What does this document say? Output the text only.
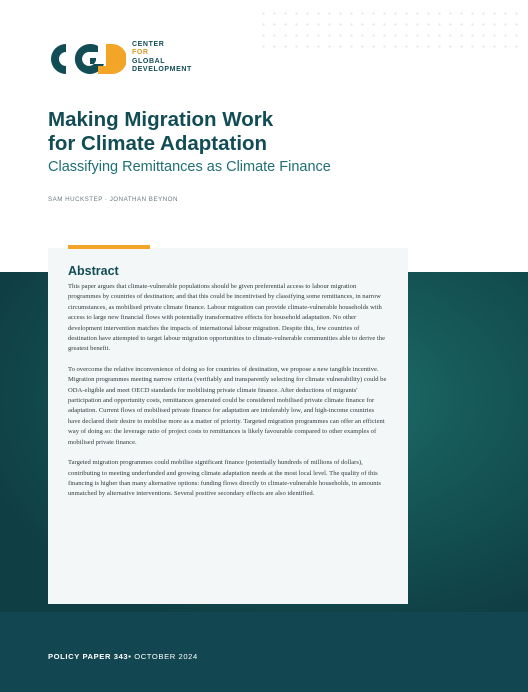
CENTER
FOR
GLOBAL
DEVELOPMENT
Making Migration Work
for Climate Adaptation
Classifying Remittances as Climate Finance
SAM HUCKSTEP · JONATHAN BEYNON
Abstract

This paper argues that climate-vulnerable populations should be given preferential access to labour migration programmes by countries of destination; and that this could be incentivised by classifying some remittances, in narrow circumstances, as mobilised private climate finance. Labour migration can provide climate-vulnerable households with access to large new financial flows with potentially transformative effects for household adaptation. No other development intervention matches the impacts of international labour migration. Despite this, few countries of destination have attempted to target labour migration opportunities to climate-vulnerable communities able to derive the greatest benefit.

To overcome the relative inconvenience of doing so for countries of destination, we propose a new tangible incentive. Migration programmes meeting narrow criteria (verifiably and transparently selecting for climate vulnerability) could be ODA-eligible and meet OECD standards for mobilising private climate finance. After deductions of migrants' participation and opportunity costs, remittances generated could be considered mobilised private climate finance for adaptation. Current flows of mobilised private finance for adaptation are intolerably low, and high-income countries have declared their desire to mobilise more as a matter of priority. Targeted migration programmes can offer an efficient way of doing so: the leverage ratio of project costs to remittances is likely favourable compared to other examples of mobilised private finance.

Targeted migration programmes could mobilise significant finance (potentially hundreds of millions of dollars), contributing to meeting underfunded and growing climate adaptation needs at the most local level. The quality of this financing is higher than many alternative options: funding flows directly to climate-vulnerable households, in amounts unmatched by alternative interventions. Several positive secondary effects are also identified.

POLICY PAPER 343• OCTOBER 2024
